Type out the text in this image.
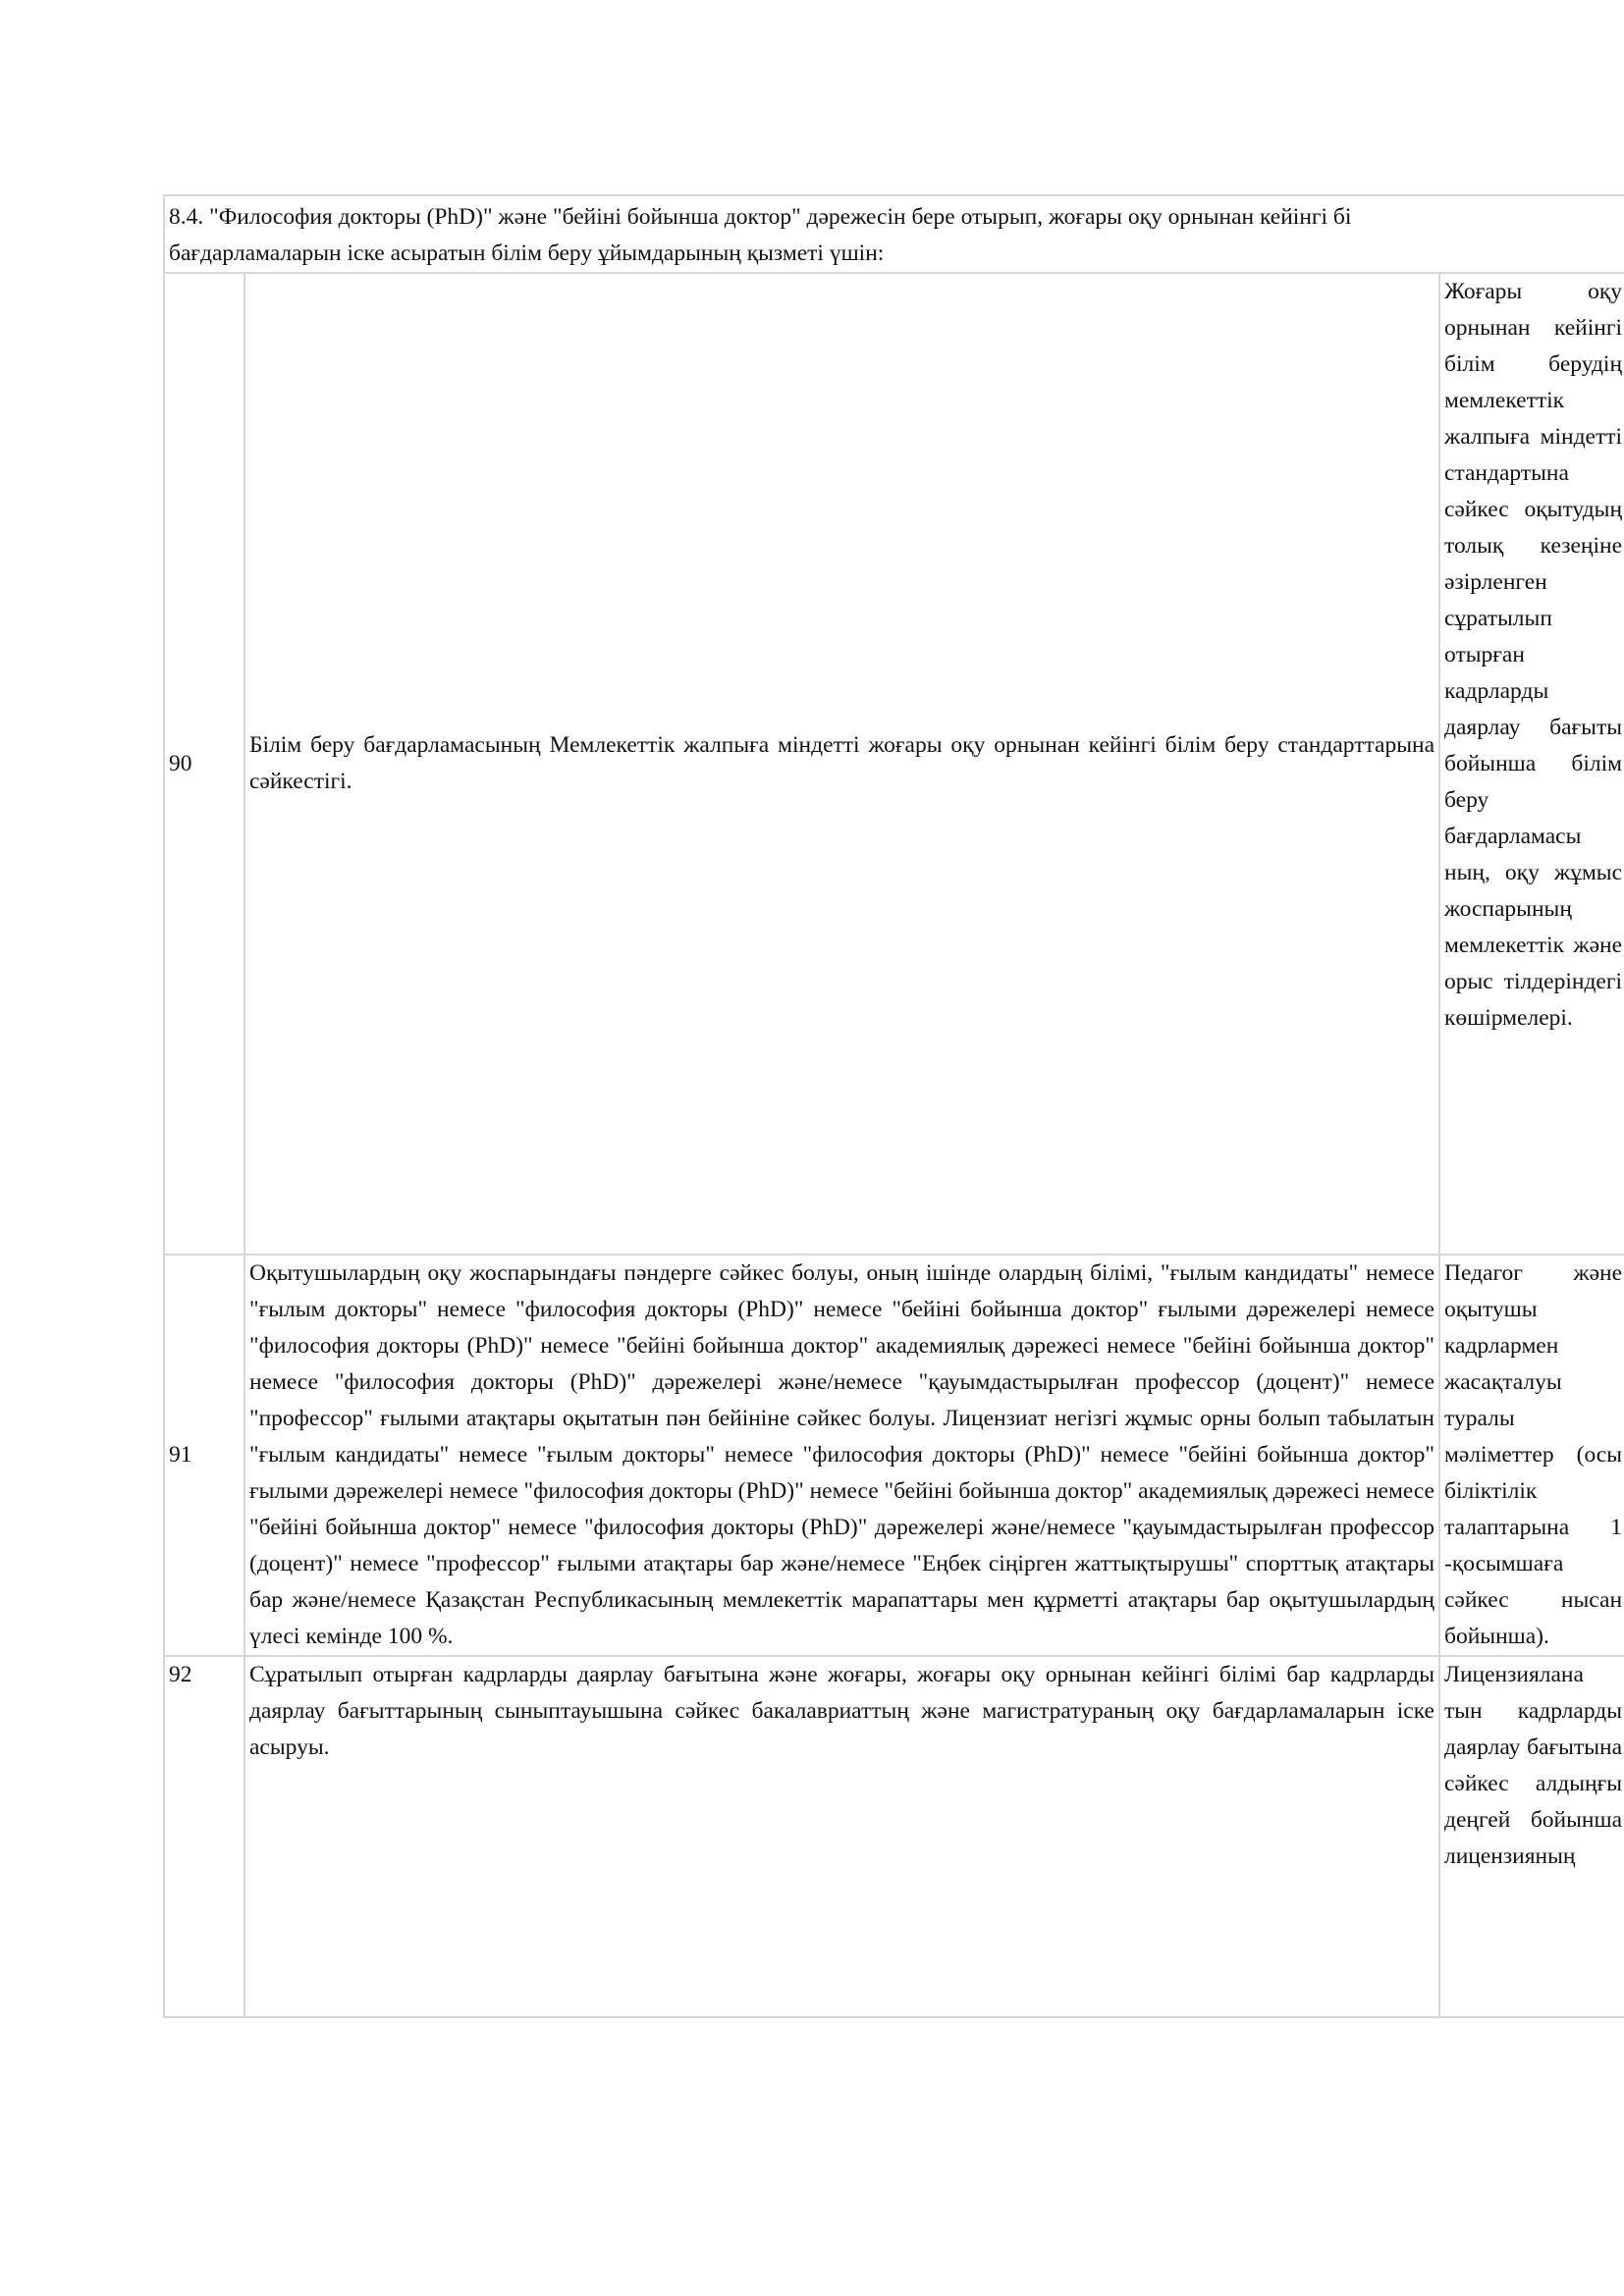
8.4. "Философия докторы (PhD)" және "бейіні бойынша доктор" дәрежесін бере отырып, жоғары оқу орнынан кейінгі бі
бағдарламаларын іске асыратын білім беру ұйымдарының қызметі үшін:		

90	Білім беру бағдарламасының Мемлекеттік жалпыға міндетті жоғары оқу орнынан кейінгі білім беру стандарттарына сәйкестігі.	Жоғары оқу орнынан кейінгі білім берудің мемлекеттік жалпыға міндетті стандартына сәйкес оқытудың толық кезеңіне әзірленген сұратылып отырған кадрларды даярлау бағыты бойынша білім беру бағдарламасы ның, оқу жұмыс жоспарының мемлекеттік және орыс тілдеріндегі көшірмелері.
91	Оқытушылардың оқу жоспарындағы пәндерге сәйкес болуы, оның ішінде олардың білімі, "ғылым кандидаты" немесе "ғылым докторы" немесе "философия докторы (PhD)" немесе "бейіні бойынша доктор" ғылыми дәрежелері немесе "философия докторы (PhD)" немесе "бейіні бойынша доктор" академиялық дәрежесі немесе "бейіні бойынша доктор" немесе "философия докторы (PhD)" дәрежелері және/немесе "қауымдастырылған профессор (доцент)" немесе "профессор" ғылыми атақтары оқытатын пән бейініне сәйкес болуы. Лицензиат негізгі жұмыс орны болып табылатын "ғылым кандидаты" немесе "ғылым докторы" немесе "философия докторы (PhD)" немесе "бейіні бойынша доктор" ғылыми дәрежелері немесе "философия докторы (PhD)" немесе "бейіні бойынша доктор" академиялық дәрежесі немесе "бейіні бойынша доктор" немесе "философия докторы (PhD)" дәрежелері және/немесе "қауымдастырылған профессор (доцент)" немесе "профессор" ғылыми атақтары бар және/немесе "Еңбек сіңірген жаттықтырушы" спорттық атақтары бар және/немесе Қазақстан Республикасының мемлекеттік марапаттары мен құрметті атақтары бар оқытушылардың үлесі кемінде 100 %.	Педагог және оқытушы кадрлармен жасақталуы туралы мәліметтер (осы біліктілік талаптарына 1 -қосымшаға сәйкес нысан бойынша).
92	Сұратылып отырған кадрларды даярлау бағытына және жоғары, жоғары оқу орнынан кейінгі білімі бар кадрларды даярлау бағыттарының сыныптауышына сәйкес бакалавриаттың және магистратураның оқу бағдарламаларын іске асыруы.	Лицензиялана тын кадрларды даярлау бағытына сәйкес алдыңғы деңгей бойынша лицензияның
